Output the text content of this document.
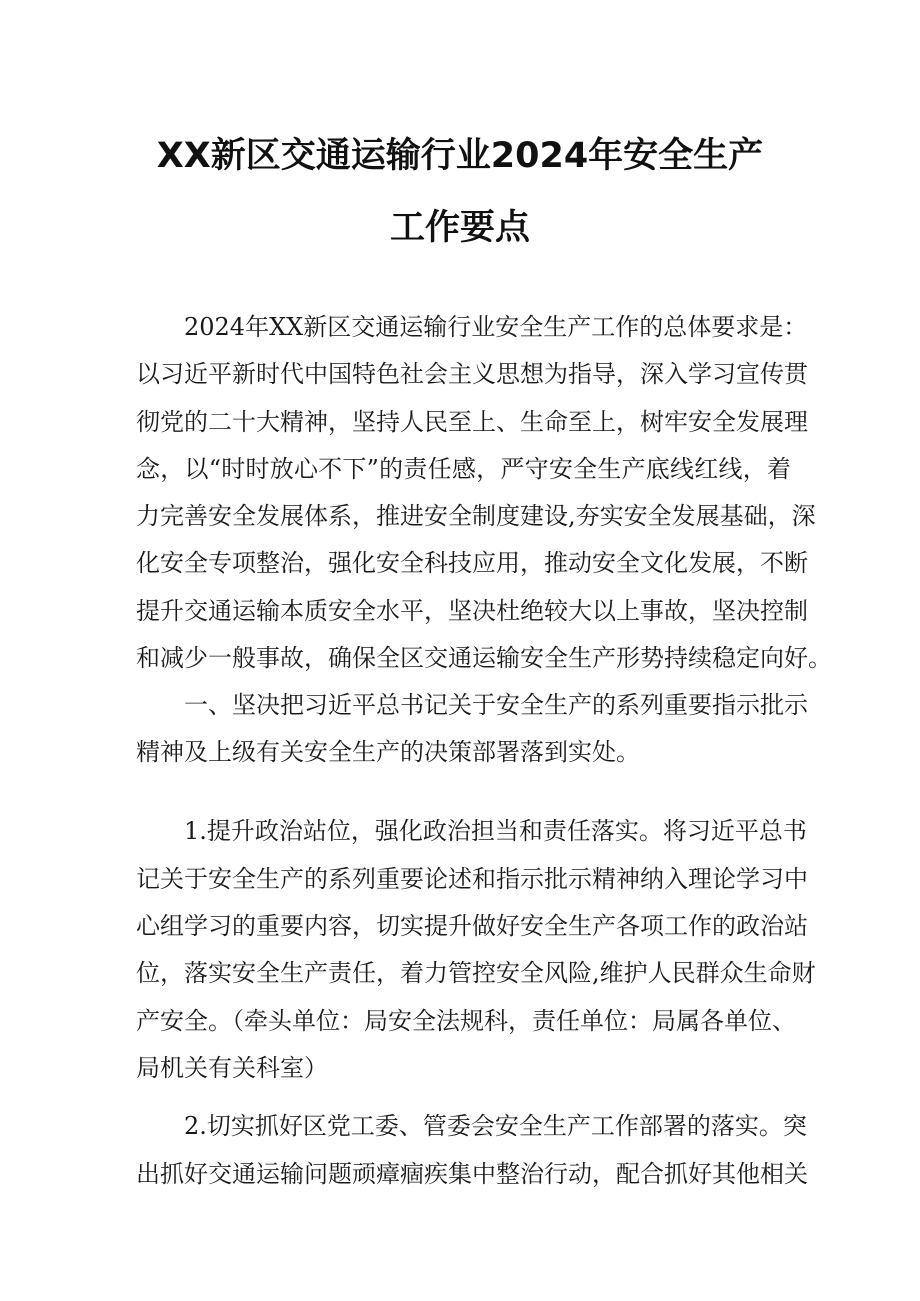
XX新区交通运输行业2024年安全生产
工作要点
2024年XX新区交通运输行业安全生产工作的总体要求是：
以习近平新时代中国特色社会主义思想为指导，深入学习宣传贯
彻党的二十大精神，坚持人民至上、生命至上，树牢安全发展理
念，以“时时放心不下”的责任感，严守安全生产底线红线，着
力完善安全发展体系，推进安全制度建设,夯实安全发展基础，深
化安全专项整治，强化安全科技应用，推动安全文化发展，不断
提升交通运输本质安全水平，坚决杜绝较大以上事故，坚决控制
和减少一般事故，确保全区交通运输安全生产形势持续稳定向好。
一、坚决把习近平总书记关于安全生产的系列重要指示批示
精神及上级有关安全生产的决策部署落到实处。
1.提升政治站位，强化政治担当和责任落实。将习近平总书
记关于安全生产的系列重要论述和指示批示精神纳入理论学习中
心组学习的重要内容，切实提升做好安全生产各项工作的政治站
位，落实安全生产责任，着力管控安全风险,维护人民群众生命财
产安全。（牵头单位：局安全法规科，责任单位：局属各单位、
局机关有关科室）
2.切实抓好区党工委、管委会安全生产工作部署的落实。突
出抓好交通运输问题顽瘴痼疾集中整治行动，配合抓好其他相关
